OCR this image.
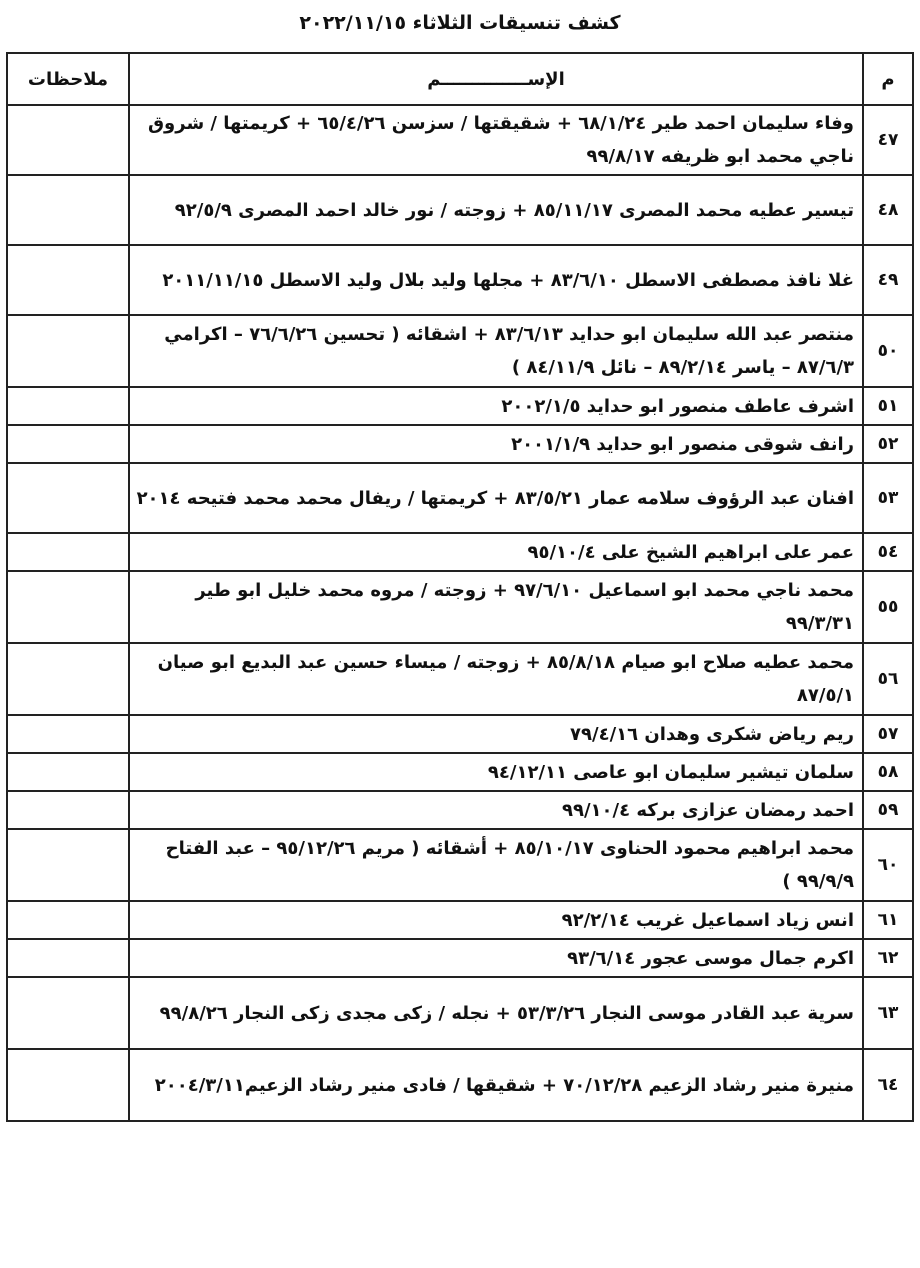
كشف تنسيقات الثلاثاء ٢٠٢٢/١١/١٥
م	الإســــــــــــــم	ملاحظات
٤٧	وفاء سليمان احمد طير ٦٨/١/٢٤ + شقيقتها / سزسن ٦٥/٤/٢٦ + كريمتها / شروق ناجي محمد ابو ظريفه ٩٩/٨/١٧	
٤٨	تيسير عطيه محمد المصرى ٨٥/١١/١٧ + زوجته / نور خالد احمد المصرى ٩٢/٥/٩	
٤٩	غلا نافذ مصطفى الاسطل ٨٣/٦/١٠ + مجلها وليد بلال وليد الاسطل ٢٠١١/١١/١٥	
٥٠	منتصر عبد الله سليمان ابو حدايد ٨٣/٦/١٣ + اشقائه ( تحسين ٧٦/٦/٢٦ – اكرامي ٨٧/٦/٣ – ياسر ٨٩/٢/١٤ – نائل ٨٤/١١/٩ )	
٥١	اشرف عاطف منصور ابو حدايد ٢٠٠٢/١/٥	
٥٢	رانف شوقى منصور ابو حدايد ٢٠٠١/١/٩	
٥٣	افنان عبد الرؤوف سلامه عمار ٨٣/٥/٢١ + كريمتها / ريفال محمد محمد فتيحه ٢٠١٤	
٥٤	عمر على ابراهيم الشيخ على ٩٥/١٠/٤	
٥٥	محمد ناجي محمد ابو اسماعيل ٩٧/٦/١٠ + زوجته / مروه محمد خليل ابو طير ٩٩/٣/٣١	
٥٦	محمد عطيه صلاح ابو صيام ٨٥/٨/١٨ + زوجته / ميساء حسين عبد البديع ابو صيان ٨٧/٥/١	
٥٧	ريم رياض شكرى وهدان ٧٩/٤/١٦	
٥٨	سلمان تيشير سليمان ابو عاصى ٩٤/١٢/١١	
٥٩	احمد رمضان عزازى بركه ٩٩/١٠/٤	
٦٠	محمد ابراهيم محمود الحناوى ٨٥/١٠/١٧ + أشقائه ( مريم ٩٥/١٢/٢٦ – عبد الفتاح ٩٩/٩/٩ )	
٦١	انس زياد اسماعيل غريب ٩٢/٢/١٤	
٦٢	اكرم جمال موسى عجور ٩٣/٦/١٤	
٦٣	سرية عبد القادر موسى النجار ٥٣/٣/٢٦ + نجله / زكى مجدى زكى النجار ٩٩/٨/٢٦	
٦٤	منيرة منير رشاد الزعيم ٧٠/١٢/٢٨ + شقيقها / فادى منير رشاد الزعيم٢٠٠٤/٣/١١	
